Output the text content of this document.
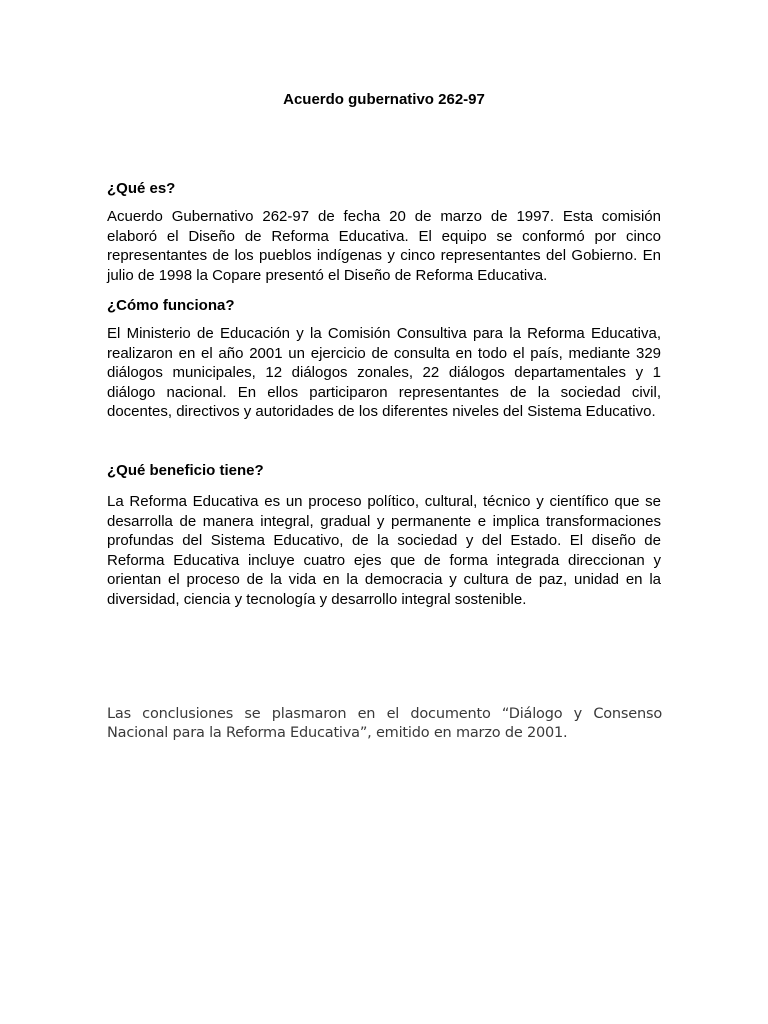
Acuerdo gubernativo 262-97
¿Qué es?

Acuerdo Gubernativo 262-97 de fecha 20 de marzo de 1997. Esta comisión elaboró el Diseño de Reforma Educativa. El equipo se conformó por cinco representantes de los pueblos indígenas y cinco representantes del Gobierno. En julio de 1998 la Copare presentó el Diseño de Reforma Educativa.

¿Cómo funciona?

El Ministerio de Educación y la Comisión Consultiva para la Reforma Educativa, realizaron en el año 2001 un ejercicio de consulta en todo el país, mediante 329 diálogos municipales, 12 diálogos zonales, 22 diálogos departamentales y 1 diálogo nacional. En ellos participaron representantes de la sociedad civil, docentes, directivos y autoridades de los diferentes niveles del Sistema Educativo.

¿Qué beneficio tiene?

La Reforma Educativa es un proceso político, cultural, técnico y científico que se desarrolla de manera integral, gradual y permanente e implica transformaciones profundas del Sistema Educativo, de la sociedad y del Estado. El diseño de Reforma Educativa incluye cuatro ejes que de forma integrada direccionan y orientan el proceso de la vida en la democracia y cultura de paz, unidad en la diversidad, ciencia y tecnología y desarrollo integral sostenible.

Las conclusiones se plasmaron en el documento “Diálogo y Consenso Nacional para la Reforma Educativa”, emitido en marzo de 2001.
